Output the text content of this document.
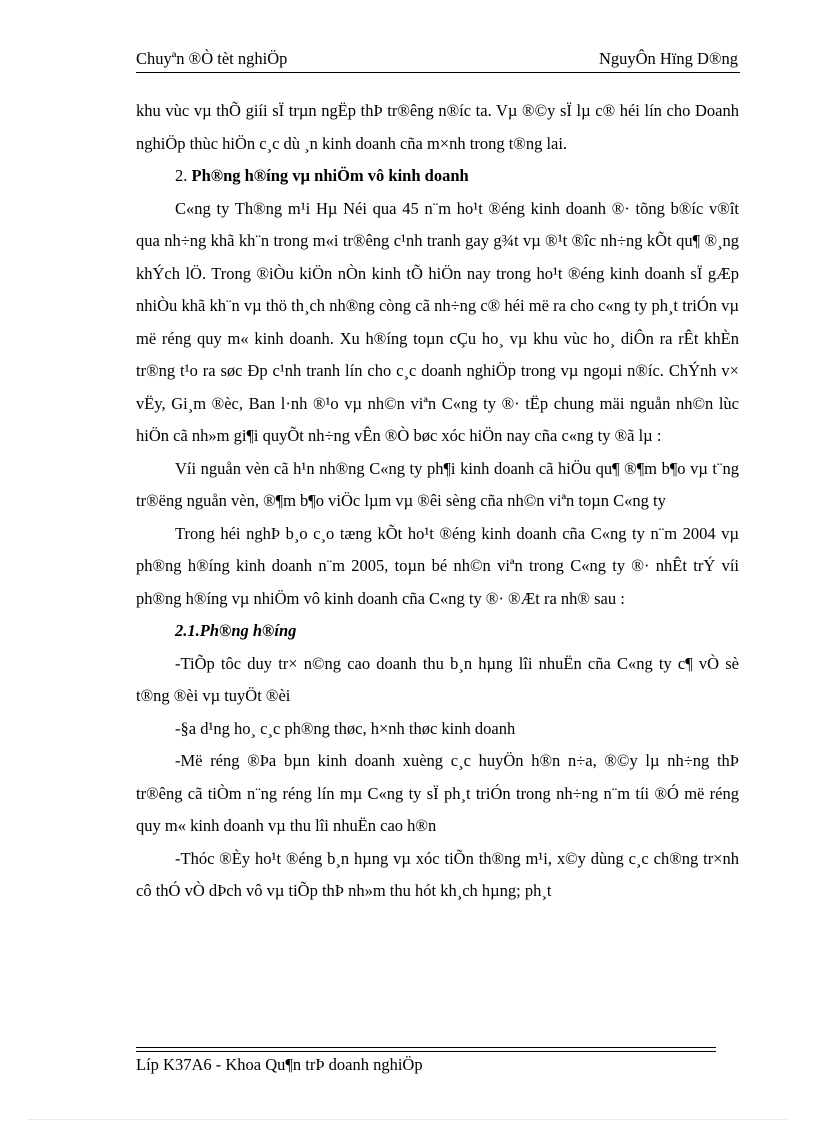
Chuyªn ®Ò tèt nghiÖp	NguyÔn Hïng D®ng

khu vùc vµ thÕ giíi sÏ trµn ngËp thÞ tr®êng n®íc ta. Vµ ®©y sÏ lµ c® héi lín cho Doanh nghiÖp thùc hiÖn c¸c dù ¸n kinh doanh cña m×nh trong t®ng lai.

2. Ph®ng h®íng vµ nhiÖm vô kinh doanh

C«ng ty Th®ng m¹i Hµ Néi qua 45 n¨m ho¹t ®éng kinh doanh ®· tõng b®íc v®ît qua nh÷ng khã kh¨n trong m«i tr®êng c¹nh tranh gay g¾t vµ ®¹t ®îc nh÷ng kÕt qu¶ ®¸ng khÝch lÖ. Trong ®iÒu kiÖn nÒn kinh tÕ hiÖn nay trong ho¹t ®éng kinh doanh sÏ gÆp nhiÒu khã kh¨n vµ thö th¸ch nh®ng còng cã nh÷ng c® héi më ra cho c«ng ty ph¸t triÓn vµ më réng quy m« kinh doanh. Xu h®íng toµn cÇu ho¸ vµ khu vùc ho¸ diÔn ra rÊt khÈn tr®ng t¹o ra søc Ðp c¹nh tranh lín cho c¸c doanh nghiÖp trong vµ ngoµi n®íc. ChÝnh v× vËy, Gi¸m ®èc, Ban l·nh ®¹o vµ nh©n viªn C«ng ty ®· tËp chung mäi nguån nh©n lùc hiÖn cã nh»m gi¶i quyÕt nh÷ng vÊn ®Ò bøc xóc hiÖn nay cña c«ng ty ®ã lµ :

Víi nguån vèn cã h¹n nh®ng C«ng ty ph¶i kinh doanh cã hiÖu qu¶ ®¶m b¶o vµ t¨ng tr®ëng nguån vèn, ®¶m b¶o viÖc lµm vµ ®êi sèng cña nh©n viªn toµn C«ng ty

Trong héi nghÞ b¸o c¸o tæng kÕt ho¹t ®éng kinh doanh cña C«ng ty n¨m 2004 vµ ph®ng h®íng kinh doanh n¨m 2005, toµn bé nh©n viªn trong C«ng ty ®· nhÊt trÝ víi ph®ng h®íng vµ nhiÖm vô kinh doanh cña C«ng ty ®· ®Æt ra nh® sau :

2.1.Ph®ng h®íng

-TiÕp tôc duy tr× n©ng cao doanh thu b¸n hµng lîi nhuËn cña C«ng ty c¶ vÒ sè t®ng ®èi vµ tuyÖt ®èi

-§a d¹ng ho¸ c¸c ph®ng thøc, h×nh thøc kinh doanh

-Më réng ®Þa bµn kinh doanh xuèng c¸c huyÖn h®n n÷a, ®©y lµ nh÷ng thÞ tr®êng cã tiÒm n¨ng réng lín mµ C«ng ty sÏ ph¸t triÓn trong nh÷ng n¨m tíi ®Ó më réng quy m« kinh doanh vµ thu lîi nhuËn cao h®n

-Thóc ®Èy ho¹t ®éng b¸n hµng vµ xóc tiÕn th®ng m¹i, x©y dùng c¸c ch®ng tr×nh cô thÓ vÒ dÞch vô vµ tiÕp thÞ nh»m thu hót kh¸ch hµng; ph¸t

Líp K37A6 - Khoa Qu¶n trÞ doanh nghiÖp
